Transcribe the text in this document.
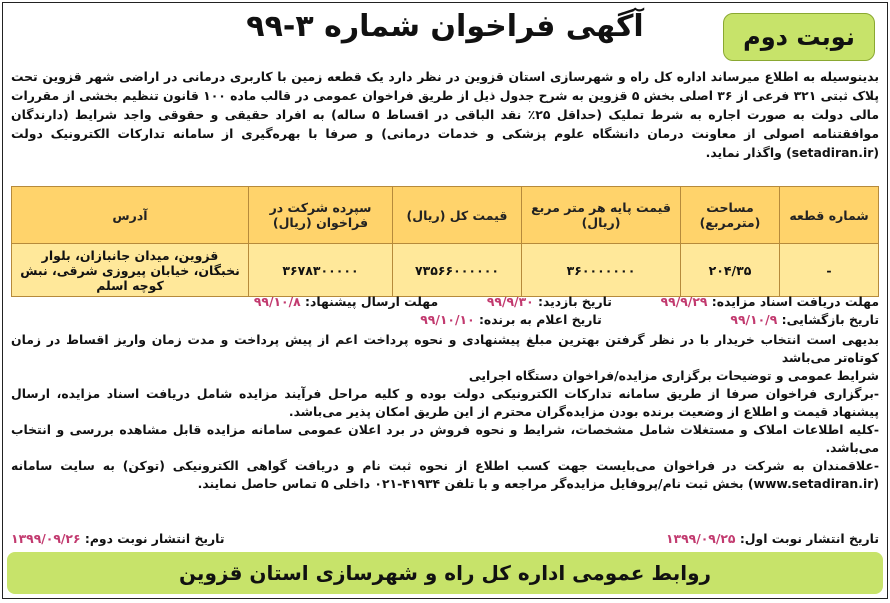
نوبت دوم
آگهی فراخوان شماره ۳-۹۹
بدینوسیله به اطلاع میرساند اداره کل راه و شهرسازی استان قزوین در نظر دارد یک قطعه زمین با کاربری درمانی در اراضی شهر قزوین تحت پلاک ثبتی ۳۲۱ فرعی از ۳۶ اصلی بخش ۵ قزوین به شرح جدول ذیل از طریق فراخوان عمومی در قالب ماده ۱۰۰ قانون تنظیم بخشی از مقررات مالی دولت به صورت اجاره به شرط تملیک (حداقل ۲۵٪ نقد الباقی در اقساط ۵ ساله) به افراد حقیقی و حقوقی واجد شرایط (دارندگان موافقتنامه اصولی از معاونت درمان دانشگاه علوم پزشکی و خدمات درمانی) و صرفا با بهره‌گیری از سامانه تدارکات الکترونیک دولت (setadiran.ir) واگذار نماید.
شماره قطعه	مساحت (مترمربع)	قیمت پایه هر متر مربع (ریال)	قیمت کل (ریال)	سپرده شرکت در فراخوان (ریال)	آدرس
-	۲۰۴/۳۵	۳۶۰۰۰۰۰۰۰	۷۳۵۶۶۰۰۰۰۰۰	۳۶۷۸۳۰۰۰۰۰	قزوین، میدان جانبازان، بلوار نخبگان، خیابان پیروزی شرقی، نبش کوچه اسلم
مهلت دریافت اسناد مزایده: ۹۹/۹/۲۹  تاریخ بازدید: ۹۹/۹/۳۰  مهلت ارسال پیشنهاد: ۹۹/۱۰/۸
تاریخ بازگشایی: ۹۹/۱۰/۹  تاریخ اعلام به برنده: ۹۹/۱۰/۱۰

بدیهی است انتخاب خریدار با در نظر گرفتن بهترین مبلغ پیشنهادی و نحوه پرداخت اعم از پیش پرداخت و مدت زمان واریز اقساط در زمان کوتاه‌تر می‌باشد

شرایط عمومی و توضیحات برگزاری مزایده/فراخوان دستگاه اجرایی

-برگزاری فراخوان صرفا از طریق سامانه تدارکات الکترونیکی دولت بوده و کلیه مراحل فرآیند مزایده شامل دریافت اسناد مزایده، ارسال پیشنهاد قیمت و اطلاع از وضعیت برنده بودن مزایده‌گران محترم از این طریق امکان پذیر می‌باشد.

-کلیه اطلاعات املاک و مستغلات شامل مشخصات، شرایط و نحوه فروش در برد اعلان عمومی سامانه مزایده قابل مشاهده بررسی و انتخاب می‌باشد.

-علاقمندان به شرکت در فراخوان می‌بایست جهت کسب اطلاع از نحوه ثبت نام و دریافت گواهی الکترونیکی (توکن) به سایت سامانه (www.setadiran.ir) بخش ثبت نام/پروفایل مزایده‌گر مراجعه و با تلفن ۴۱۹۳۴-۰۲۱ داخلی ۵ تماس حاصل نمایند.

تاریخ انتشار نوبت اول: ۱۳۹۹/۰۹/۲۵
تاریخ انتشار نوبت دوم: ۱۳۹۹/۰۹/۲۶
روابط عمومی اداره کل راه و شهرسازی استان قزوین
